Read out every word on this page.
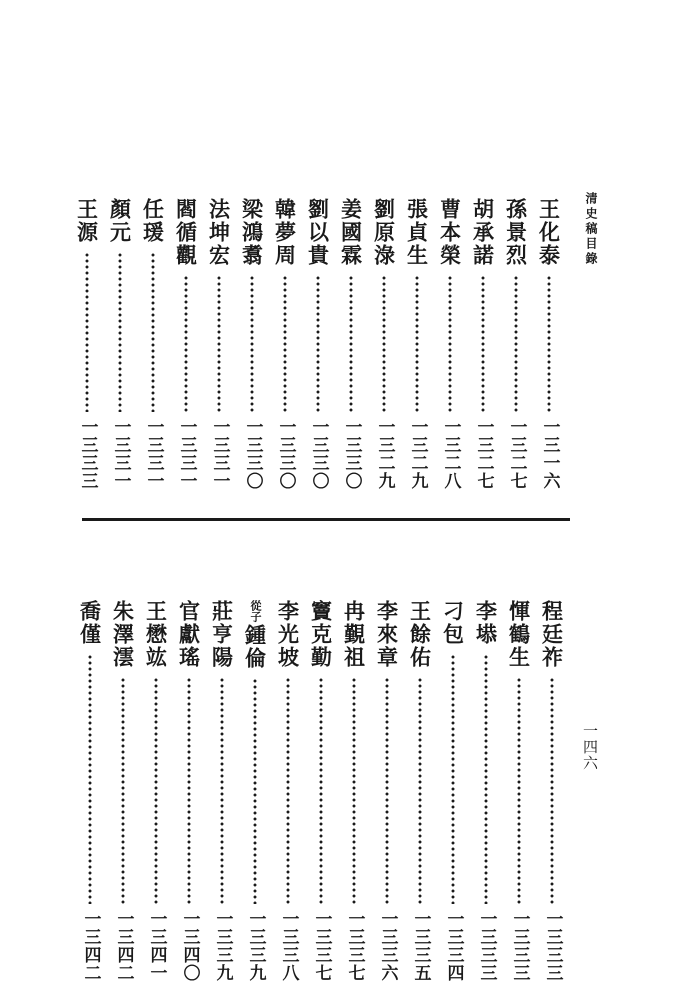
清史稿目錄
一四六
王化泰
一三一六
孫景烈
一三二七
胡承諾
一三二七
曹本榮
一三二八
張貞生
一三二九
劉原淥
一三二九
姜國霖
一三三〇
劉以貴
一三三〇
韓夢周
一三三〇
梁鴻翥
一三三〇
法坤宏
一三三一
閻循觀
一三三一
任瑗
一三三一
顏元
一三三一
王源
一三三三
程廷祚
一三三三
惲鶴生
一三三三
李塨
一三三三
刁包
一三三四
王餘佑
一三三五
李來章
一三三六
冉覲祖
一三三七
竇克勤
一三三七
李光坡
一三三八
從子
鍾倫
一三三九
莊亨陽
一三三九
官獻瑤
一三四〇
王懋竑
一三四一
朱澤澐
一三四二
喬僅
一三四二
